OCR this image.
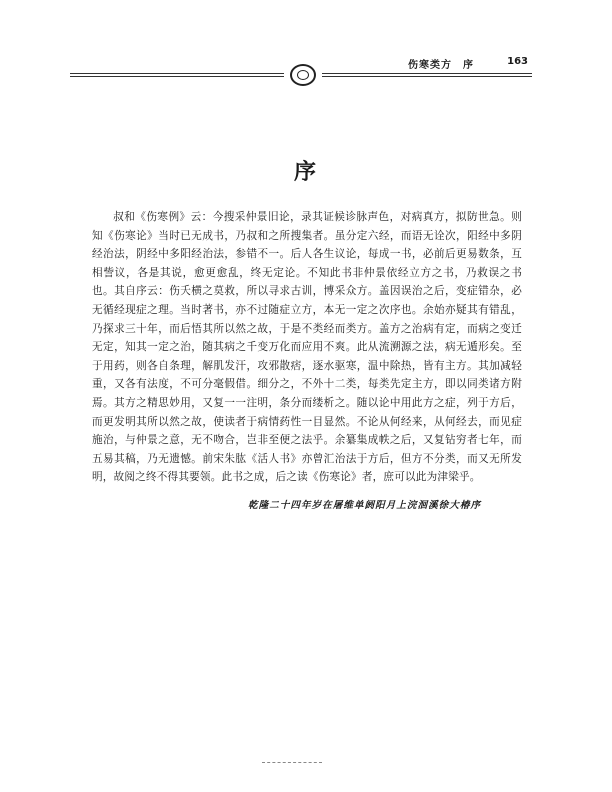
伤寒类方　序	163
序

叔和《伤寒例》云：今搜采仲景旧论，录其证候诊脉声色，对病真方，拟防世急。则知《伤寒论》当时已无成书，乃叔和之所搜集者。虽分定六经，而语无诠次，阳经中多阴经治法，阴经中多阳经治法，参错不一。后人各生议论，每成一书，必前后更易数条，互相訾议，各是其说，愈更愈乱，终无定论。不知此书非仲景依经立方之书，乃救误之书也。其自序云：伤夭横之莫救，所以寻求古训，博采众方。盖因误治之后，变症错杂，必无循经现症之理。当时著书，亦不过随症立方，本无一定之次序也。余始亦疑其有错乱，乃探求三十年，而后悟其所以然之故，于是不类经而类方。盖方之治病有定，而病之变迁无定，知其一定之治，随其病之千变万化而应用不爽。此从流溯源之法，病无遁形矣。至于用药，则各自条理，解肌发汗，攻邪散痞，逐水驱寒，温中除热，皆有主方。其加减轻重，又各有法度，不可分毫假借。细分之，不外十二类，每类先定主方，即以同类诸方附焉。其方之精思妙用，又复一一注明，条分而缕析之。随以论中用此方之症，列于方后，而更发明其所以然之故，使读者于病情药性一目显然。不论从何经来，从何经去，而见症施治，与仲景之意，无不吻合，岂非至便之法乎。余纂集成帙之后，又复钻穷者七年，而五易其稿，乃无遗憾。前宋朱肱《活人书》亦曾汇治法于方后，但方不分类，而又无所发明，故阅之终不得其要领。此书之成，后之读《伤寒论》者，庶可以此为津梁乎。

乾隆二十四年岁在屠维单阏阳月上浣洄溪徐大椿序
